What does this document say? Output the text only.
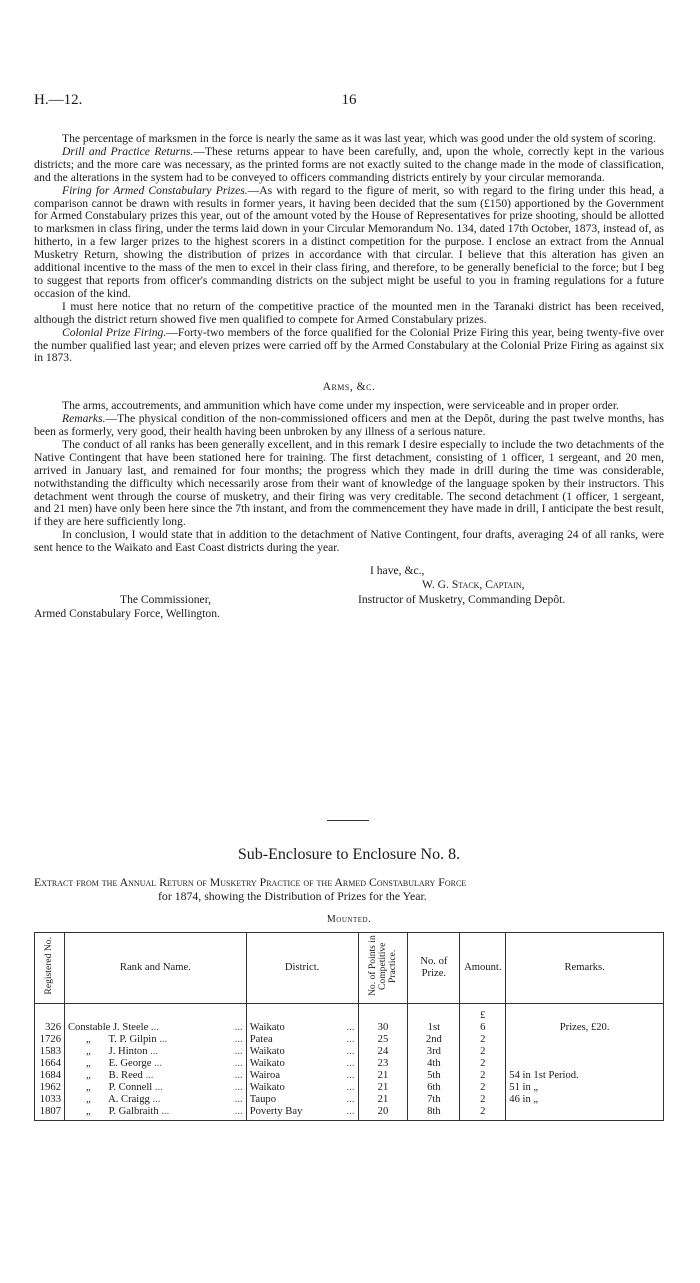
H.—12.	16

The percentage of marksmen in the force is nearly the same as it was last year, which was good under the old system of scoring.

Drill and Practice Returns.—These returns appear to have been carefully, and, upon the whole, correctly kept in the various districts; and the more care was necessary, as the printed forms are not exactly suited to the change made in the mode of classification, and the alterations in the system had to be conveyed to officers commanding districts entirely by your circular memoranda.

Firing for Armed Constabulary Prizes.—As with regard to the figure of merit, so with regard to the firing under this head, a comparison cannot be drawn with results in former years, it having been decided that the sum (£150) apportioned by the Government for Armed Constabulary prizes this year, out of the amount voted by the House of Representatives for prize shooting, should be allotted to marksmen in class firing, under the terms laid down in your Circular Memorandum No. 134, dated 17th October, 1873, instead of, as hitherto, in a few larger prizes to the highest scorers in a distinct competition for the purpose. I enclose an extract from the Annual Musketry Return, showing the distribution of prizes in accordance with that circular. I believe that this alteration has given an additional incentive to the mass of the men to excel in their class firing, and therefore, to be generally beneficial to the force; but I beg to suggest that reports from officer's commanding districts on the subject might be useful to you in framing regulations for a future occasion of the kind.

I must here notice that no return of the competitive practice of the mounted men in the Taranaki district has been received, although the district return showed five men qualified to compete for Armed Constabulary prizes.

Colonial Prize Firing.—Forty-two members of the force qualified for the Colonial Prize Firing this year, being twenty-five over the number qualified last year; and eleven prizes were carried off by the Armed Constabulary at the Colonial Prize Firing as against six in 1873.

Arms, &c.

The arms, accoutrements, and ammunition which have come under my inspection, were serviceable and in proper order.

Remarks.—The physical condition of the non-commissioned officers and men at the Depôt, during the past twelve months, has been as formerly, very good, their health having been unbroken by any illness of a serious nature.

The conduct of all ranks has been generally excellent, and in this remark I desire especially to include the two detachments of the Native Contingent that have been stationed here for training. The first detachment, consisting of 1 officer, 1 sergeant, and 20 men, arrived in January last, and remained for four months; the progress which they made in drill during the time was considerable, notwithstanding the difficulty which necessarily arose from their want of knowledge of the language spoken by their instructors. This detachment went through the course of musketry, and their firing was very creditable. The second detachment (1 officer, 1 sergeant, and 21 men) have only been here since the 7th instant, and from the commencement they have made in drill, I anticipate the best result, if they are here sufficiently long.

In conclusion, I would state that in addition to the detachment of Native Contingent, four drafts, averaging 24 of all ranks, were sent hence to the Waikato and East Coast districts during the year.

I have, &c.,
W. G. Stack, Captain,
The Commissioner,	Instructor of Musketry, Commanding Depôt.
Armed Constabulary Force, Wellington.
Sub-Enclosure to Enclosure No. 8.
Extract from the Annual Return of Musketry Practice of the Armed Constabulary Force
for 1874, showing the Distribution of Prizes for the Year.
Mounted.
Registered No.	Rank and Name.	District.	No. of Points in Competitive Practice.	No. of Prize.	Amount.	Remarks.
					£	
326	Constable J. Steele ... ...	Waikato ...	30	1st	6	Prizes, £20.
1726	„ T. P. Gilpin ... ...	Patea ...	25	2nd	2	
1583	„ J. Hinton ... ...	Waikato ...	24	3rd	2	
1664	„ E. George ... ...	Waikato ...	23	4th	2	
1684	„ B. Reed ... ...	Wairoa ...	21	5th	2	54 in 1st Period.
1962	„ P. Connell ... ...	Waikato ...	21	6th	2	51 in „
1033	„ A. Craigg ... ...	Taupo ...	21	7th	2	46 in „
1807	„ P. Galbraith ... ...	Poverty Bay ...	20	8th	2	
